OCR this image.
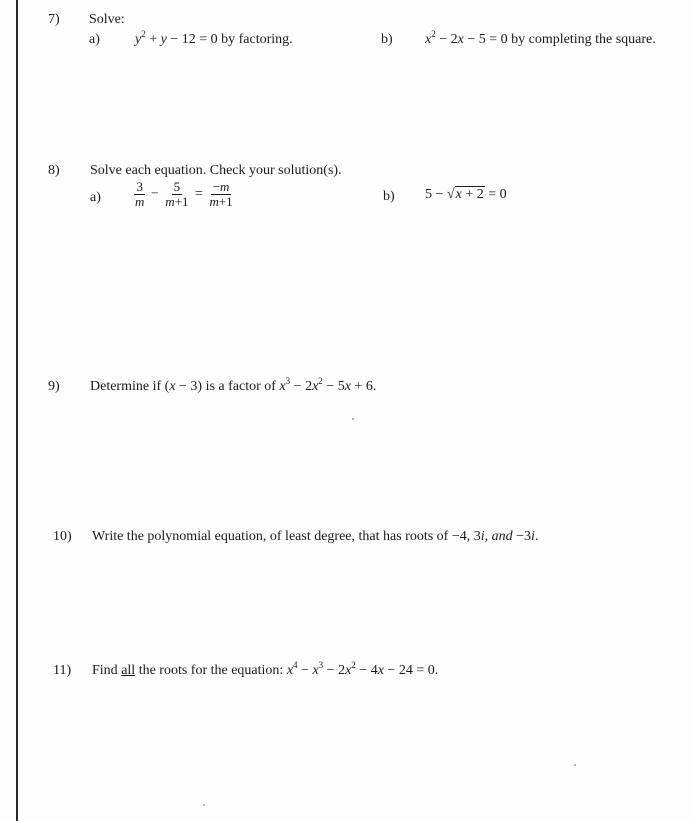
7) Solve:
a)	$y^2 + y - 12 = 0$ by factoring.	b) $x^2 - 2x - 5 = 0$ by completing the square.
8) Solve each equation. Check your solution(s).
$a) \frac{3}{m} - \frac{5}{m+1} = \frac{-m}{m+1}$	b) 5 − √x + 2 = 0
9) Determine if (x − 3) is a factor of $x^3 - 2x^2 - 5x + 6$.
10) Write the polynomial equation, of least degree, that has roots of −4, 3i, and −3i.
11) Find all the roots for the equation: $x^4 - x^3 - 2x^2 - 4x - 24 = 0$.
